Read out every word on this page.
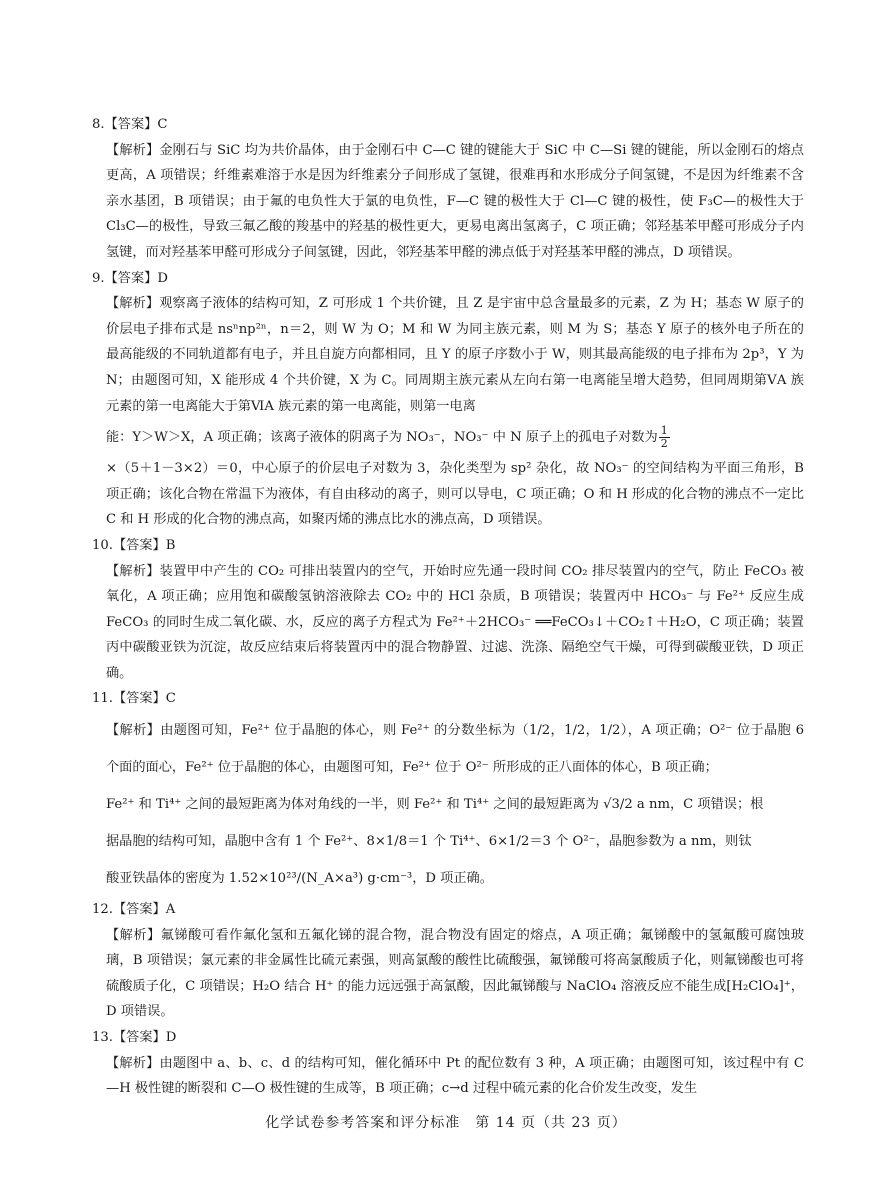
8.【答案】C

【解析】金刚石与 SiC 均为共价晶体，由于金刚石中 C—C 键的键能大于 SiC 中 C—Si 键的键能，所以金刚石的熔点更高，A 项错误；纤维素难溶于水是因为纤维素分子间形成了氢键，很难再和水形成分子间氢键，不是因为纤维素不含亲水基团，B 项错误；由于氟的电负性大于氯的电负性，F—C 键的极性大于 Cl—C 键的极性，使 F₃C—的极性大于 Cl₃C—的极性，导致三氟乙酸的羧基中的羟基的极性更大，更易电离出氢离子，C 项正确；邻羟基苯甲醛可形成分子内氢键，而对羟基苯甲醛可形成分子间氢键，因此，邻羟基苯甲醛的沸点低于对羟基苯甲醛的沸点，D 项错误。

9.【答案】D

【解析】观察离子液体的结构可知，Z 可形成 1 个共价键，且 Z 是宇宙中总含量最多的元素，Z 为 H；基态 W 原子的价层电子排布式是 nsⁿnp²ⁿ，n＝2，则 W 为 O；M 和 W 为同主族元素，则 M 为 S；基态 Y 原子的核外电子所在的最高能级的不同轨道都有电子，并且自旋方向都相同，且 Y 的原子序数小于 W，则其最高能级的电子排布为 2p³，Y 为 N；由题图可知，X 能形成 4 个共价键，X 为 C。同周期主族元素从左向右第一电离能呈增大趋势，但同周期第ⅤA 族元素的第一电离能大于第ⅥA 族元素的第一电离能，则第一电离

能：Y＞W＞X，A 项正确；该离子液体的阴离子为 NO₃⁻，NO₃⁻ 中 N 原子上的孤电子对数为 $\frac{1}{2}$

×（5＋1－3×2）＝0，中心原子的价层电子对数为 3，杂化类型为 sp² 杂化，故 NO₃⁻ 的空间结构为平面三角形，B 项正确；该化合物在常温下为液体，有自由移动的离子，则可以导电，C 项正确；O 和 H 形成的化合物的沸点不一定比 C 和 H 形成的化合物的沸点高，如聚丙烯的沸点比水的沸点高，D 项错误。

10.【答案】B

【解析】装置甲中产生的 CO₂ 可排出装置内的空气，开始时应先通一段时间 CO₂ 排尽装置内的空气，防止 FeCO₃ 被氧化，A 项正确；应用饱和碳酸氢钠溶液除去 CO₂ 中的 HCl 杂质，B 项错误；装置丙中 HCO₃⁻ 与 Fe²⁺ 反应生成 FeCO₃ 的同时生成二氧化碳、水，反应的离子方程式为 Fe²⁺＋2HCO₃⁻ ══FeCO₃↓＋CO₂↑＋H₂O，C 项正确；装置丙中碳酸亚铁为沉淀，故反应结束后将装置丙中的混合物静置、过滤、洗涤、隔绝空气干燥，可得到碳酸亚铁，D 项正确。

11.【答案】C

【解析】由题图可知，Fe²⁺ 位于晶胞的体心，则 Fe²⁺ 的分数坐标为（1/2，1/2，1/2），A 项正确；O²⁻ 位于晶胞 6 个面的面心，Fe²⁺ 位于晶胞的体心，由题图可知，Fe²⁺ 位于 O²⁻ 所形成的正八面体的体心，B 项正确；

Fe²⁺ 和 Ti⁴⁺ 之间的最短距离为体对角线的一半，则 Fe²⁺ 和 Ti⁴⁺ 之间的最短距离为 √3/2 a nm，C 项错误；根

据晶胞的结构可知，晶胞中含有 1 个 Fe²⁺、8×1/8＝1 个 Ti⁴⁺、6×1/2＝3 个 O²⁻，晶胞参数为 a nm，则钛

酸亚铁晶体的密度为 1.52×10²³/(N_A×a³) g·cm⁻³，D 项正确。

12.【答案】A

【解析】氟锑酸可看作氟化氢和五氟化锑的混合物，混合物没有固定的熔点，A 项正确；氟锑酸中的氢氟酸可腐蚀玻璃，B 项错误；氯元素的非金属性比硫元素强，则高氯酸的酸性比硫酸强，氟锑酸可将高氯酸质子化，则氟锑酸也可将硫酸质子化，C 项错误；H₂O 结合 H⁺ 的能力远远强于高氯酸，因此氟锑酸与 NaClO₄ 溶液反应不能生成[H₂ClO₄]⁺，D 项错误。

13.【答案】D

【解析】由题图中 a、b、c、d 的结构可知，催化循环中 Pt 的配位数有 3 种，A 项正确；由题图可知，该过程中有 C—H 极性键的断裂和 C—O 极性键的生成等，B 项正确；c→d 过程中硫元素的化合价发生改变，发生

化学试卷参考答案和评分标准　第 14 页（共 23 页）
